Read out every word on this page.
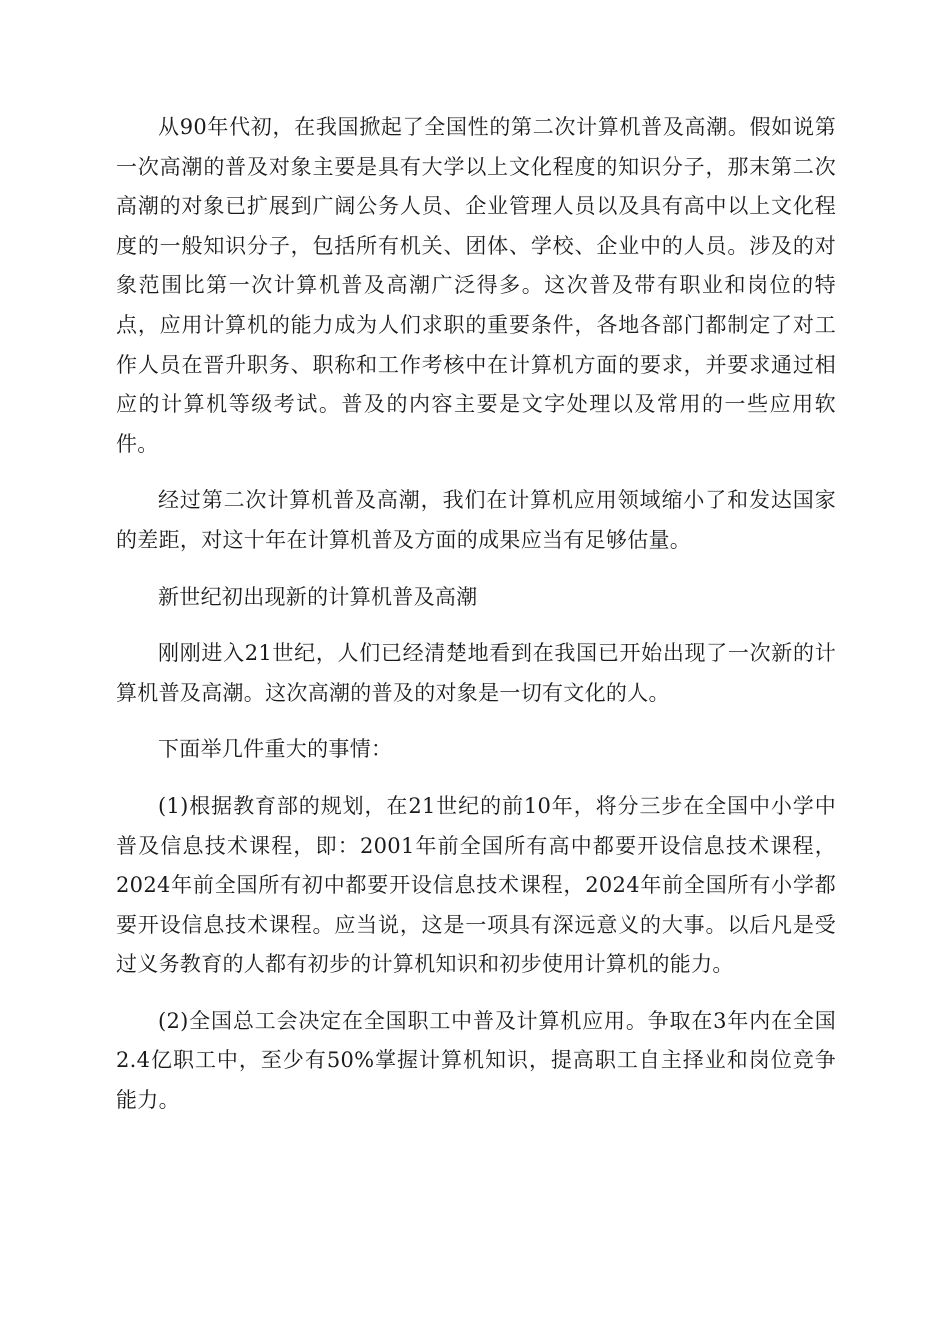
从90年代初，在我国掀起了全国性的第二次计算机普及高潮。假如说第一次高潮的普及对象主要是具有大学以上文化程度的知识分子，那末第二次高潮的对象已扩展到广阔公务人员、企业管理人员以及具有高中以上文化程度的一般知识分子，包括所有机关、团体、学校、企业中的人员。涉及的对象范围比第一次计算机普及高潮广泛得多。这次普及带有职业和岗位的特点，应用计算机的能力成为人们求职的重要条件，各地各部门都制定了对工作人员在晋升职务、职称和工作考核中在计算机方面的要求，并要求通过相应的计算机等级考试。普及的内容主要是文字处理以及常用的一些应用软件。

经过第二次计算机普及高潮，我们在计算机应用领域缩小了和发达国家的差距，对这十年在计算机普及方面的成果应当有足够估量。

新世纪初出现新的计算机普及高潮

刚刚进入21世纪，人们已经清楚地看到在我国已开始出现了一次新的计算机普及高潮。这次高潮的普及的对象是一切有文化的人。

下面举几件重大的事情：

(1)根据教育部的规划，在21世纪的前10年，将分三步在全国中小学中普及信息技术课程，即：2001年前全国所有高中都要开设信息技术课程，2024年前全国所有初中都要开设信息技术课程，2024年前全国所有小学都要开设信息技术课程。应当说，这是一项具有深远意义的大事。以后凡是受过义务教育的人都有初步的计算机知识和初步使用计算机的能力。

(2)全国总工会决定在全国职工中普及计算机应用。争取在3年内在全国2.4亿职工中，至少有50%掌握计算机知识，提高职工自主择业和岗位竞争能力。
